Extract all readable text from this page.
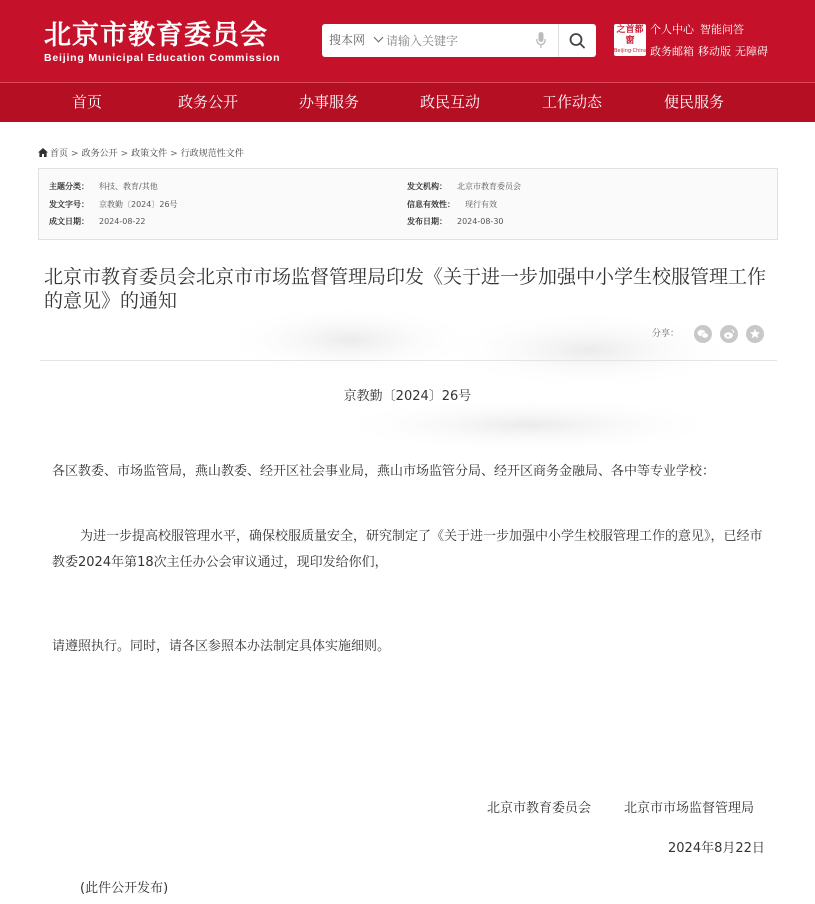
北京市教育委员会
Beijing Municipal Education Commission
搜本网
请输入关键字
之首都窗
Beijing·China
个人中心 智能问答
政务邮箱 移动版 无障碍
首页	政务公开	办事服务	政民互动	工作动态	便民服务
首页 > 政务公开 > 政策文件 > 行政规范性文件
主题分类： 科技、教育/其他	发文机构： 北京市教育委员会
发文字号： 京教勤〔2024〕26号	信息有效性： 现行有效
成文日期： 2024-08-22	发布日期： 2024-08-30
北京市教育委员会北京市市场监督管理局印发《关于进一步加强中小学生校服管理工作的意见》的通知
分享：
京教勤〔2024〕26号

各区教委、市场监管局，燕山教委、经开区社会事业局，燕山市场监管分局、经开区商务金融局、各中等专业学校：

为进一步提高校服管理水平，确保校服质量安全，研究制定了《关于进一步加强中小学生校服管理工作的意见》，已经市教委2024年第18次主任办公会审议通过，现印发给你们，

请遵照执行。同时，请各区参照本办法制定具体实施细则。

北京市教育委员会	北京市市场监督管理局
2024年8月22日
(此件公开发布)
